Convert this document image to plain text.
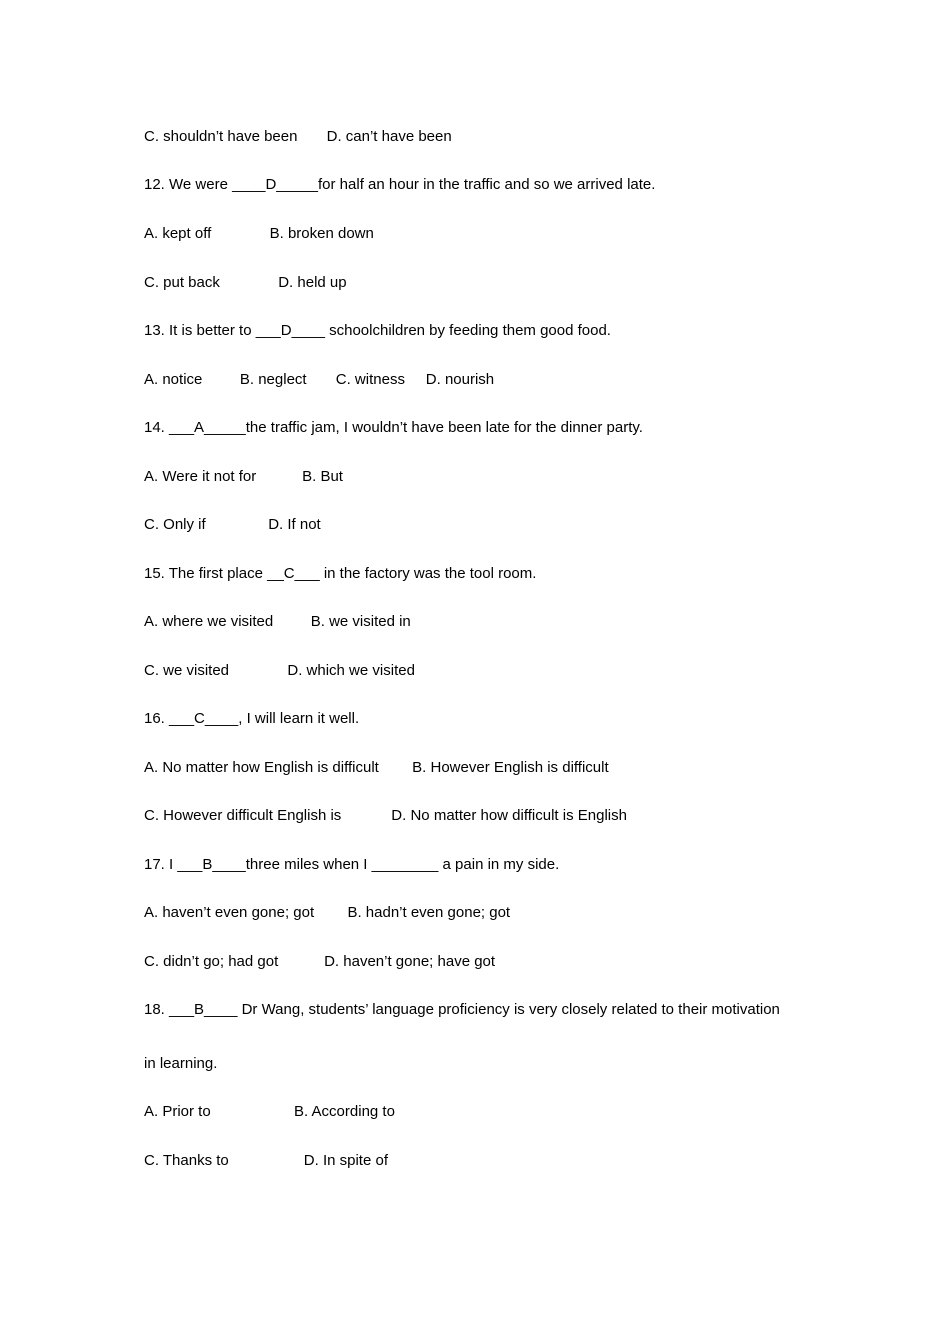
C. shouldn’t have been       D. can’t have been
12. We were ____D_____for half an hour in the traffic and so we arrived late.
A. kept off              B. broken down
C. put back              D. held up
13. It is better to ___D____ schoolchildren by feeding them good food.
A. notice         B. neglect       C. witness     D. nourish
14. ___A_____the traffic jam, I wouldn’t have been late for the dinner party.
A. Were it not for           B. But
C. Only if               D. If not
15. The first place __C___ in the factory was the tool room.
A. where we visited         B. we visited in
C. we visited              D. which we visited
16. ___C____, I will learn it well.
A. No matter how English is difficult        B. However English is difficult
C. However difficult English is            D. No matter how difficult is English
17. I ___B____three miles when I ________ a pain in my side.
A. haven’t even gone; got        B. hadn’t even gone; got
C. didn’t go; had got           D. haven’t gone; have got
18. ___B____ Dr Wang, students’ language proficiency is very closely related to their motivation
in learning.
A. Prior to                    B. According to
C. Thanks to                  D. In spite of
